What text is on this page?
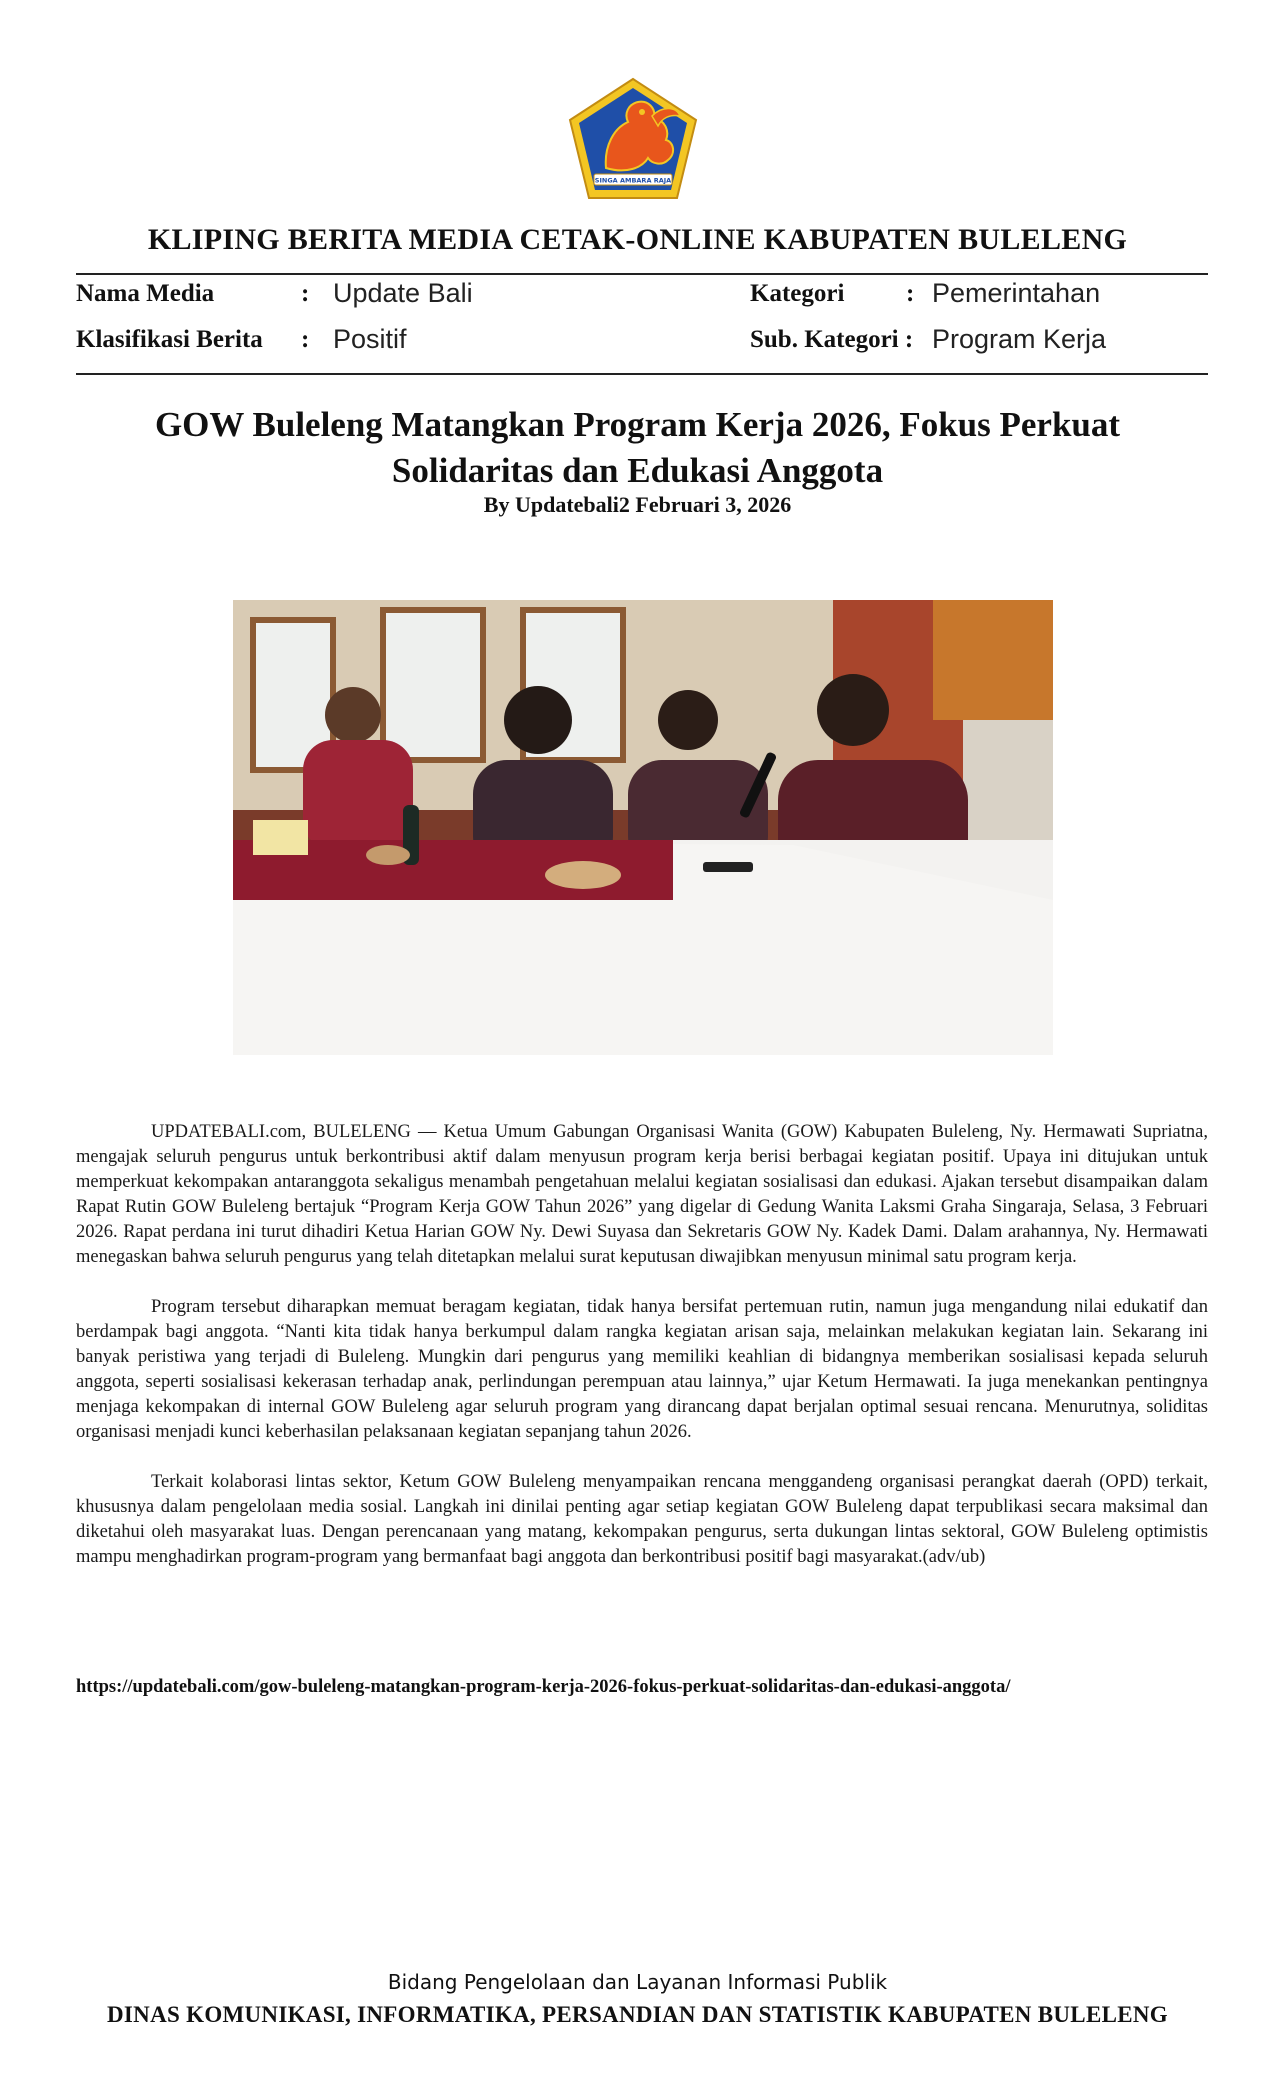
SINGA AMBARA RAJA
KLIPING BERITA MEDIA CETAK-ONLINE KABUPATEN BULELENG
Nama Media	: Update Bali	Kategori : Pemerintahan
Klasifikasi Berita : Positif	Sub. Kategori : Program Kerja
GOW Buleleng Matangkan Program Kerja 2026, Fokus Perkuat Solidaritas dan Edukasi Anggota
By Updatebali2 Februari 3, 2026

UPDATEBALI.com, BULELENG — Ketua Umum Gabungan Organisasi Wanita (GOW) Kabupaten Buleleng, Ny. Hermawati Supriatna, mengajak seluruh pengurus untuk berkontribusi aktif dalam menyusun program kerja berisi berbagai kegiatan positif. Upaya ini ditujukan untuk memperkuat kekompakan antaranggota sekaligus menambah pengetahuan melalui kegiatan sosialisasi dan edukasi. Ajakan tersebut disampaikan dalam Rapat Rutin GOW Buleleng bertajuk “Program Kerja GOW Tahun 2026” yang digelar di Gedung Wanita Laksmi Graha Singaraja, Selasa, 3 Februari 2026. Rapat perdana ini turut dihadiri Ketua Harian GOW Ny. Dewi Suyasa dan Sekretaris GOW Ny. Kadek Dami. Dalam arahannya, Ny. Hermawati menegaskan bahwa seluruh pengurus yang telah ditetapkan melalui surat keputusan diwajibkan menyusun minimal satu program kerja.

Program tersebut diharapkan memuat beragam kegiatan, tidak hanya bersifat pertemuan rutin, namun juga mengandung nilai edukatif dan berdampak bagi anggota. “Nanti kita tidak hanya berkumpul dalam rangka kegiatan arisan saja, melainkan melakukan kegiatan lain. Sekarang ini banyak peristiwa yang terjadi di Buleleng. Mungkin dari pengurus yang memiliki keahlian di bidangnya memberikan sosialisasi kepada seluruh anggota, seperti sosialisasi kekerasan terhadap anak, perlindungan perempuan atau lainnya,” ujar Ketum Hermawati. Ia juga menekankan pentingnya menjaga kekompakan di internal GOW Buleleng agar seluruh program yang dirancang dapat berjalan optimal sesuai rencana. Menurutnya, soliditas organisasi menjadi kunci keberhasilan pelaksanaan kegiatan sepanjang tahun 2026.

Terkait kolaborasi lintas sektor, Ketum GOW Buleleng menyampaikan rencana menggandeng organisasi perangkat daerah (OPD) terkait, khususnya dalam pengelolaan media sosial. Langkah ini dinilai penting agar setiap kegiatan GOW Buleleng dapat terpublikasi secara maksimal dan diketahui oleh masyarakat luas. Dengan perencanaan yang matang, kekompakan pengurus, serta dukungan lintas sektoral, GOW Buleleng optimistis mampu menghadirkan program-program yang bermanfaat bagi anggota dan berkontribusi positif bagi masyarakat.(adv/ub)

https://updatebali.com/gow-buleleng-matangkan-program-kerja-2026-fokus-perkuat-solidaritas-dan-edukasi-anggota/
Bidang Pengelolaan dan Layanan Informasi Publik
DINAS KOMUNIKASI, INFORMATIKA, PERSANDIAN DAN STATISTIK KABUPATEN BULELENG
